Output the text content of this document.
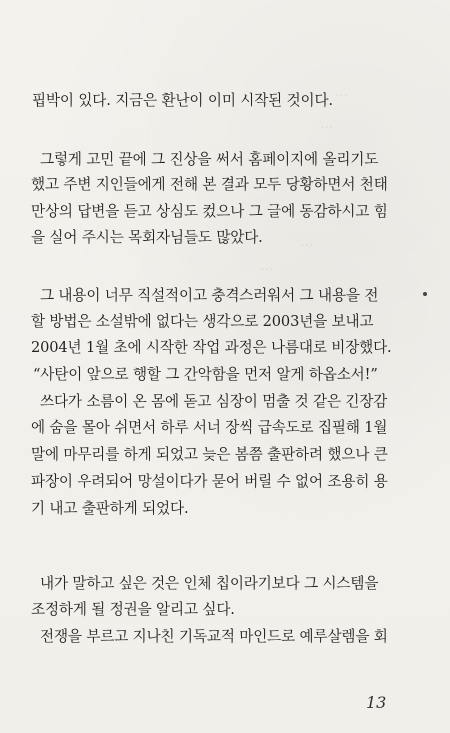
···
···
···
···
핍박이 있다. 지금은 환난이 이미 시작된 것이다.
그렇게 고민 끝에 그 진상을 써서 홈페이지에 올리기도
했고 주변 지인들에게 전해 본 결과 모두 당황하면서 천태
만상의 답변을 듣고 상심도 컸으나 그 글에 동감하시고 힘
을 실어 주시는 목회자님들도 많았다.
그 내용이 너무 직설적이고 충격스러워서 그 내용을 전
할 방법은 소설밖에 없다는 생각으로 2003년을 보내고
2004년 1월 초에 시작한 작업 과정은 나름대로 비장했다.
“사탄이 앞으로 행할 그 간악함을 먼저 알게 하옵소서!”
쓰다가 소름이 온 몸에 돋고 심장이 멈출 것 같은 긴장감
에 숨을 몰아 쉬면서 하루 서너 장씩 급속도로 집필해 1월
말에 마무리를 하게 되었고 늦은 봄쯤 출판하려 했으나 큰
파장이 우려되어 망설이다가 묻어 버릴 수 없어 조용히 용
기 내고 출판하게 되었다.
내가 말하고 싶은 것은 인체 칩이라기보다 그 시스템을
조정하게 될 정권을 알리고 싶다.
전쟁을 부르고 지나친 기독교적 마인드로 예루살렘을 회
13
